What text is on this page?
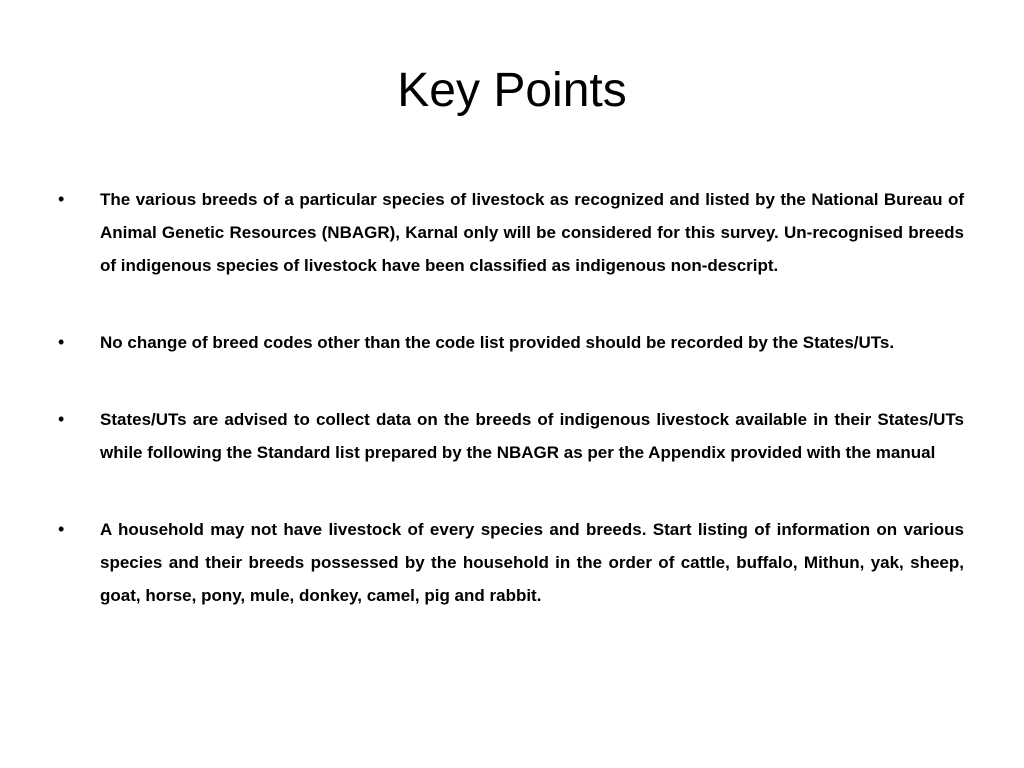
Key Points
• The various breeds of a particular species of livestock as recognized and listed by the National Bureau of Animal Genetic Resources (NBAGR), Karnal only will be considered for this survey. Un-recognised breeds of indigenous species of livestock have been classified as indigenous non-descript.
• No change of breed codes other than the code list provided should be recorded by the States/UTs.
• States/UTs are advised to collect data on the breeds of indigenous livestock available in their States/UTs while following the Standard list prepared by the NBAGR as per the Appendix provided with the manual
• A household may not have livestock of every species and breeds. Start listing of information on various species and their breeds possessed by the household in the order of cattle, buffalo, Mithun, yak, sheep, goat, horse, pony, mule, donkey, camel, pig and rabbit.
